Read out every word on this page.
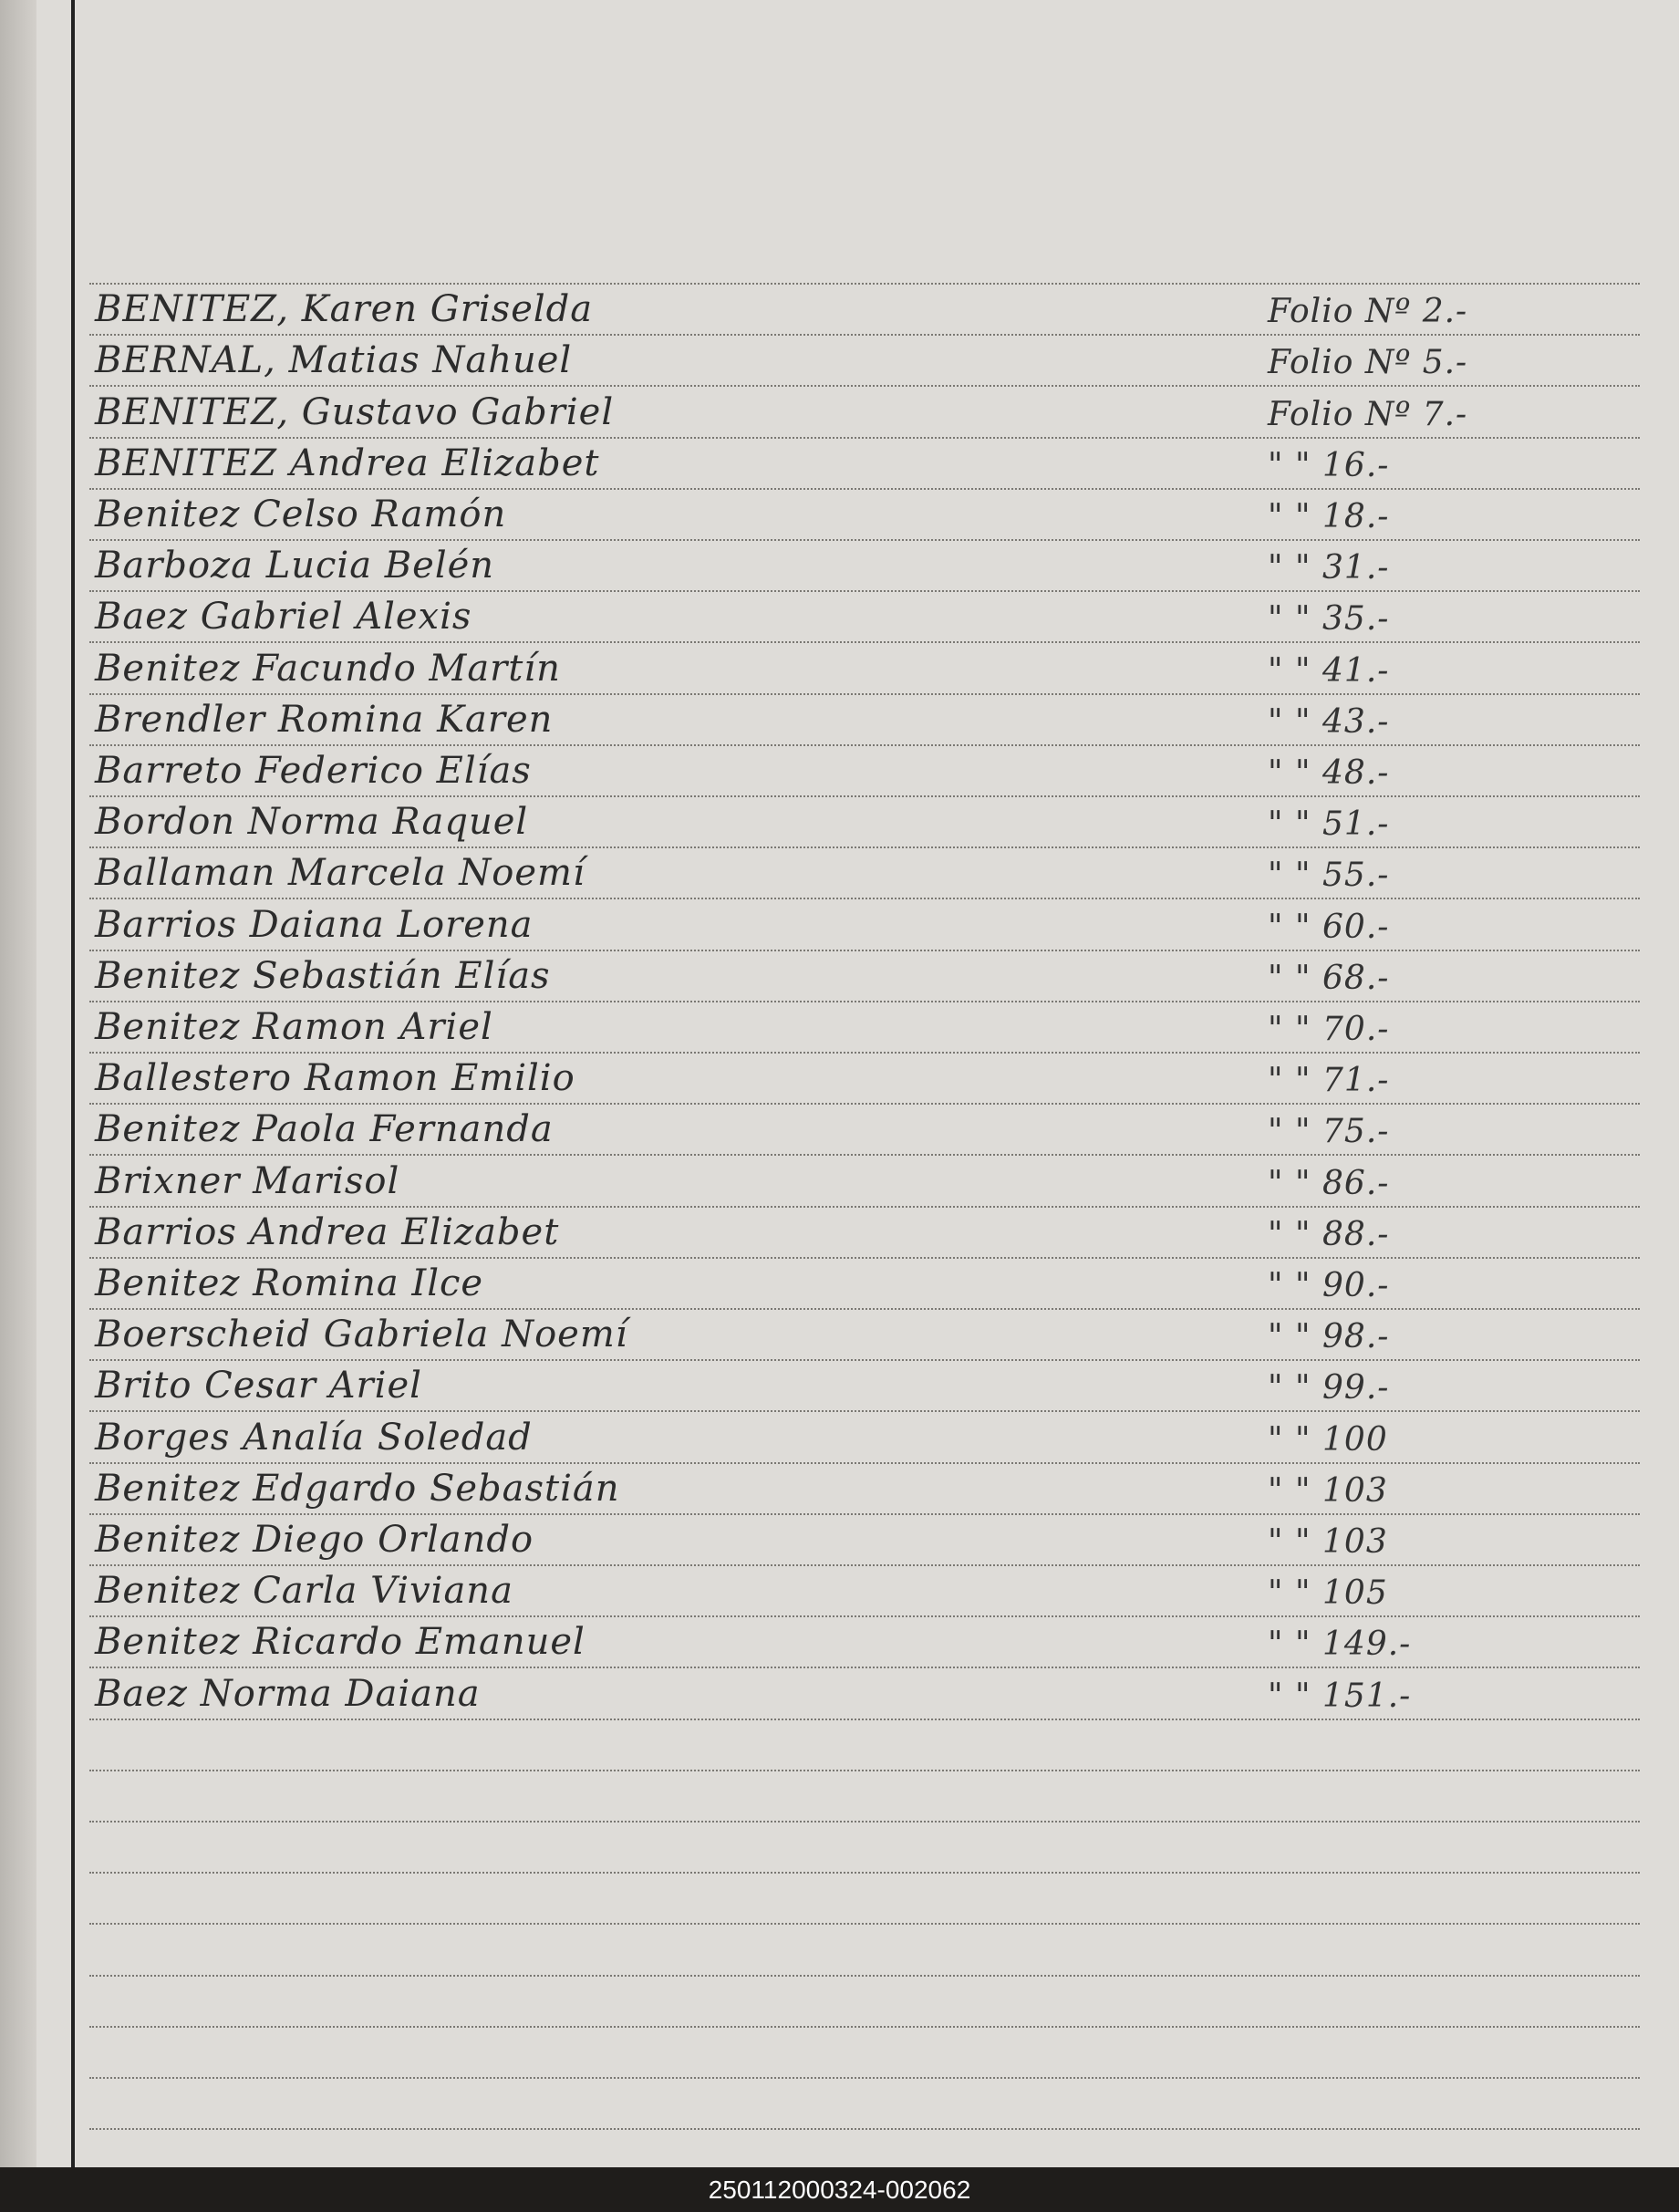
BENITEZ, Karen Griselda	Folio Nº 2.-
BERNAL, Matias Nahuel	Folio Nº 5.-
BENITEZ, Gustavo Gabriel	Folio Nº 7.-
BENITEZ Andrea Elizabet	" " 16.-
Benitez Celso Ramón	" " 18.-
Barboza Lucia Belén	" " 31.-
Baez Gabriel Alexis	" " 35.-
Benitez Facundo Martín	" " 41.-
Brendler Romina Karen	" " 43.-
Barreto Federico Elías	" " 48.-
Bordon Norma Raquel	" " 51.-
Ballaman Marcela Noemí	" " 55.-
Barrios Daiana Lorena	" " 60.-
Benitez Sebastián Elías	" " 68.-
Benitez Ramon Ariel	" " 70.-
Ballestero Ramon Emilio	" " 71.-
Benitez Paola Fernanda	" " 75.-
Brixner Marisol	" " 86.-
Barrios Andrea Elizabet	" " 88.-
Benitez Romina Ilce	" " 90.-
Boerscheid Gabriela Noemí	" " 98.-
Brito Cesar Ariel	" " 99.-
Borges Analía Soledad	" " 100
Benitez Edgardo Sebastián	" " 103
Benitez Diego Orlando	" " 103
Benitez Carla Viviana	" " 105
Benitez Ricardo Emanuel	" " 149.-
Baez Norma Daiana	" " 151.-
250112000324-002062
